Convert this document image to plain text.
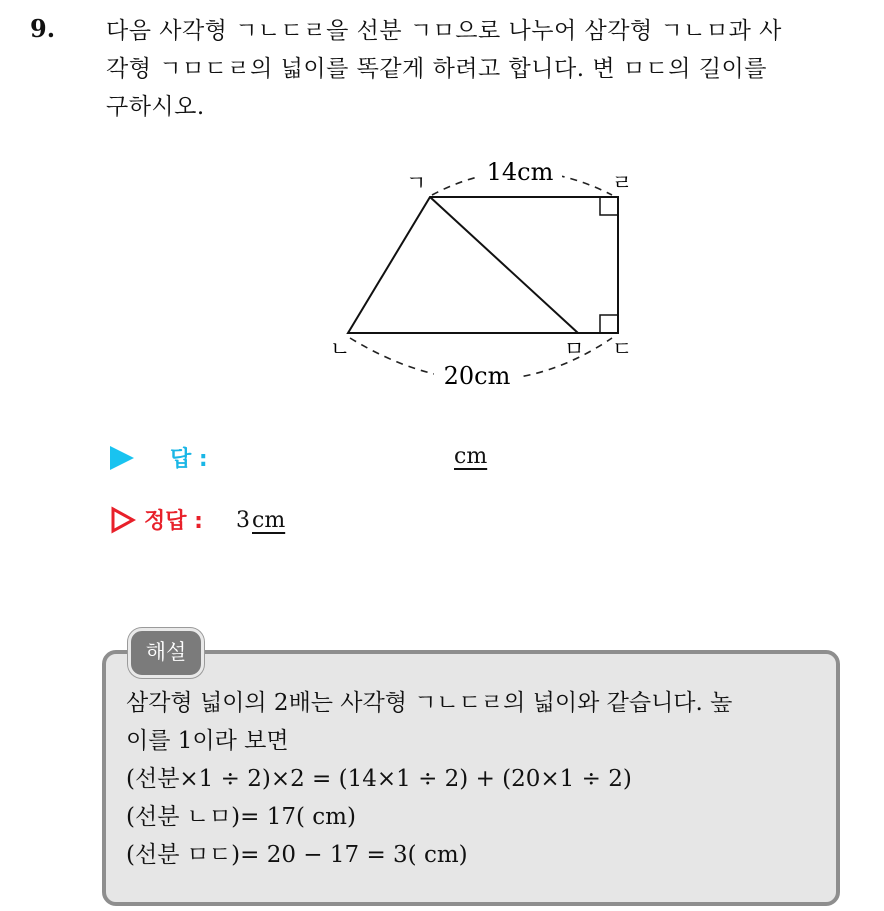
9. 다음 사각형 ㄱㄴㄷㄹ을 선분 ㄱㅁ으로 나누어 삼각형 ㄱㄴㅁ과 사
각형 ㄱㅁㄷㄹ의 넓이를 똑같게 하려고 합니다. 변 ㅁㄷ의 길이를
구하시오.
14cm
20cm
ㄱ	ㄹ
ㄴ	ㅁ ㄷ
답 :	cm
정답 : 3cm
해설
삼각형 넓이의 2배는 사각형 ㄱㄴㄷㄹ의 넓이와 같습니다. 높
이를 1이라 보면
(선분×1 ÷ 2)×2 = (14×1 ÷ 2) + (20×1 ÷ 2)
(선분 ㄴㅁ)= 17( cm)
(선분 ㅁㄷ)= 20 − 17 = 3( cm)
